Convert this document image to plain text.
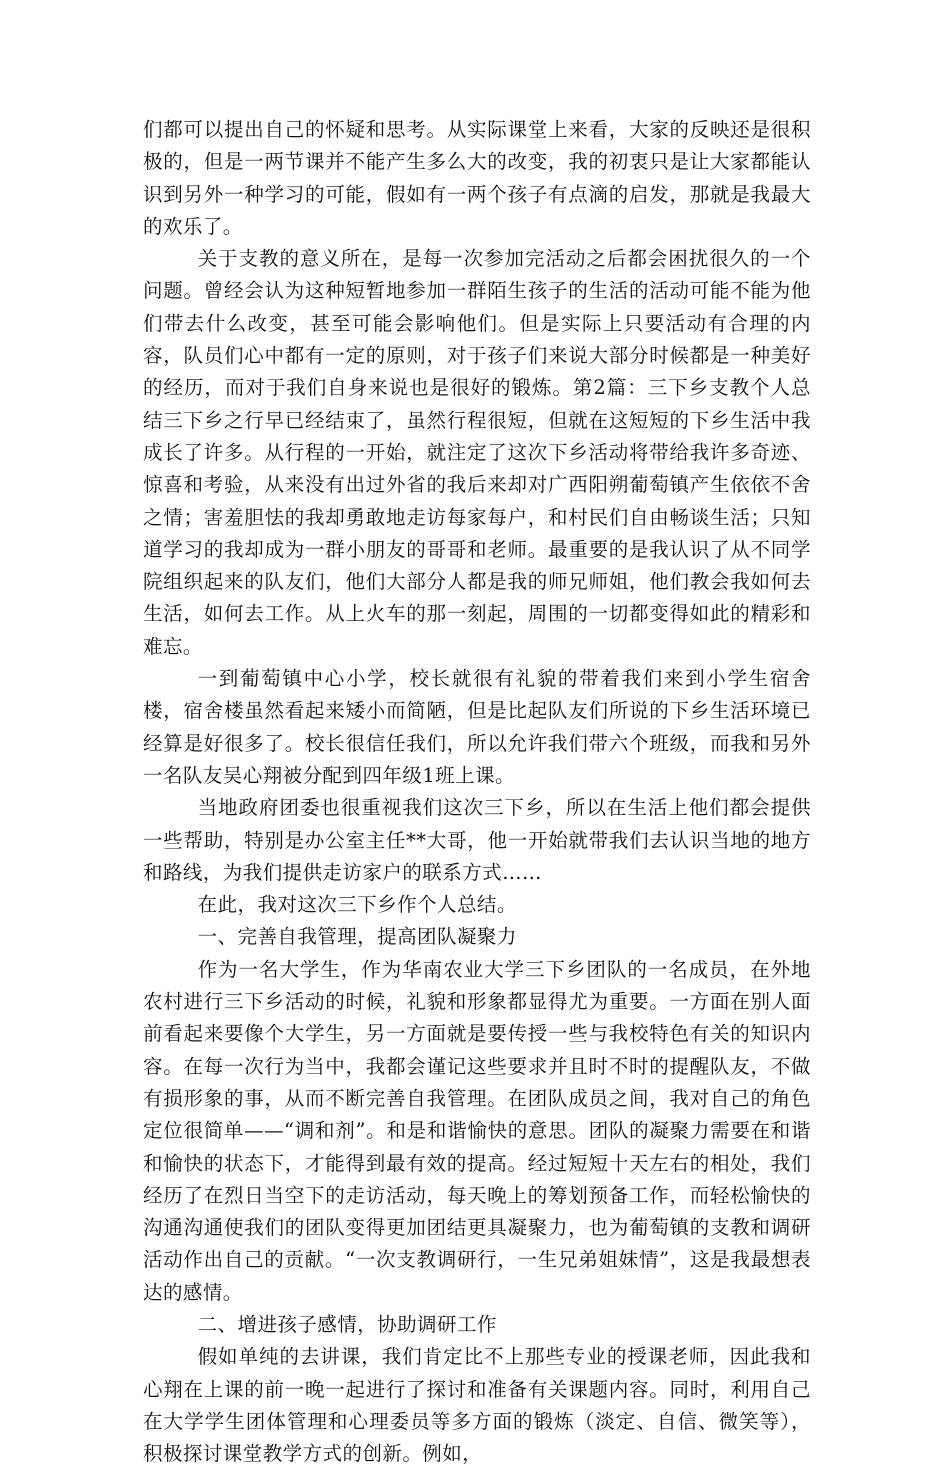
们都可以提出自己的怀疑和思考。从实际课堂上来看，大家的反映还是很积极的，但是一两节课并不能产生多么大的改变，我的初衷只是让大家都能认识到另外一种学习的可能，假如有一两个孩子有点滴的启发，那就是我最大的欢乐了。

关于支教的意义所在，是每一次参加完活动之后都会困扰很久的一个问题。曾经会认为这种短暂地参加一群陌生孩子的生活的活动可能不能为他们带去什么改变，甚至可能会影响他们。但是实际上只要活动有合理的内容，队员们心中都有一定的原则，对于孩子们来说大部分时候都是一种美好的经历，而对于我们自身来说也是很好的锻炼。第2篇：三下乡支教个人总结三下乡之行早已经结束了，虽然行程很短，但就在这短短的下乡生活中我成长了许多。从行程的一开始，就注定了这次下乡活动将带给我许多奇迹、惊喜和考验，从来没有出过外省的我后来却对广西阳朔葡萄镇产生依依不舍之情；害羞胆怯的我却勇敢地走访每家每户，和村民们自由畅谈生活；只知道学习的我却成为一群小朋友的哥哥和老师。最重要的是我认识了从不同学院组织起来的队友们，他们大部分人都是我的师兄师姐，他们教会我如何去生活，如何去工作。从上火车的那一刻起，周围的一切都变得如此的精彩和难忘。

一到葡萄镇中心小学，校长就很有礼貌的带着我们来到小学生宿舍楼，宿舍楼虽然看起来矮小而简陋，但是比起队友们所说的下乡生活环境已经算是好很多了。校长很信任我们，所以允许我们带六个班级，而我和另外一名队友吴心翔被分配到四年级1班上课。

当地政府团委也很重视我们这次三下乡，所以在生活上他们都会提供一些帮助，特别是办公室主任**大哥，他一开始就带我们去认识当地的地方和路线，为我们提供走访家户的联系方式……

在此，我对这次三下乡作个人总结。

一、完善自我管理，提高团队凝聚力

作为一名大学生，作为华南农业大学三下乡团队的一名成员，在外地农村进行三下乡活动的时候，礼貌和形象都显得尤为重要。一方面在别人面前看起来要像个大学生，另一方面就是要传授一些与我校特色有关的知识内容。在每一次行为当中，我都会谨记这些要求并且时不时的提醒队友，不做有损形象的事，从而不断完善自我管理。在团队成员之间，我对自己的角色定位很简单——“调和剂”。和是和谐愉快的意思。团队的凝聚力需要在和谐和愉快的状态下，才能得到最有效的提高。经过短短十天左右的相处，我们经历了在烈日当空下的走访活动，每天晚上的筹划预备工作，而轻松愉快的沟通沟通使我们的团队变得更加团结更具凝聚力，也为葡萄镇的支教和调研活动作出自己的贡献。“一次支教调研行，一生兄弟姐妹情”，这是我最想表达的感情。

二、增进孩子感情，协助调研工作

假如单纯的去讲课，我们肯定比不上那些专业的授课老师，因此我和心翔在上课的前一晚一起进行了探讨和准备有关课题内容。同时，利用自己在大学学生团体管理和心理委员等多方面的锻炼（淡定、自信、微笑等），积极探讨课堂教学方式的创新。例如，
